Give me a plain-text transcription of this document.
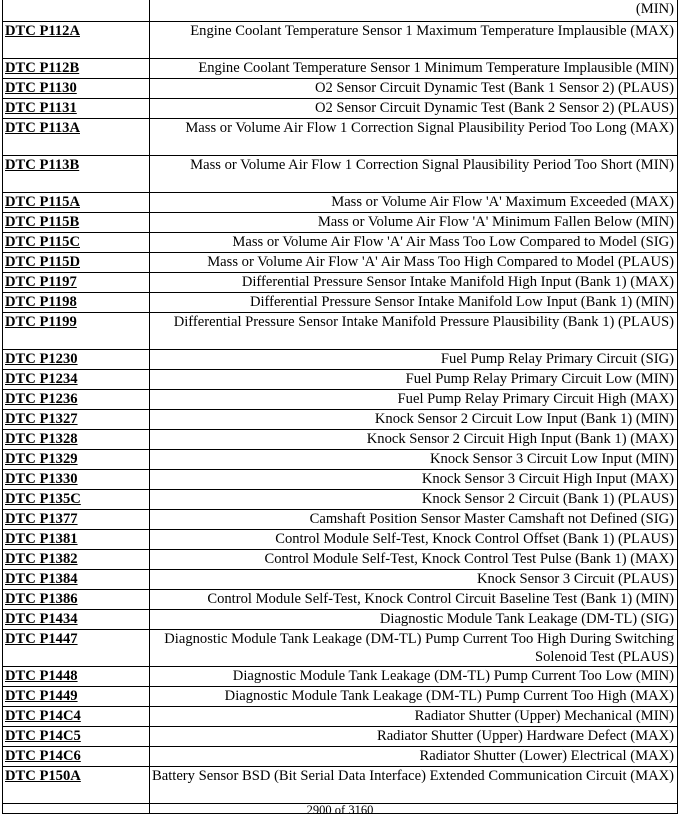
	(MIN)
DTC P112A	Engine Coolant Temperature Sensor 1 Maximum Temperature Implausible (MAX)
DTC P112B	Engine Coolant Temperature Sensor 1 Minimum Temperature Implausible (MIN)
DTC P1130	O2 Sensor Circuit Dynamic Test (Bank 1 Sensor 2) (PLAUS)
DTC P1131	O2 Sensor Circuit Dynamic Test (Bank 2 Sensor 2) (PLAUS)
DTC P113A	Mass or Volume Air Flow 1 Correction Signal Plausibility Period Too Long (MAX)
DTC P113B	Mass or Volume Air Flow 1 Correction Signal Plausibility Period Too Short (MIN)
DTC P115A	Mass or Volume Air Flow 'A' Maximum Exceeded (MAX)
DTC P115B	Mass or Volume Air Flow 'A' Minimum Fallen Below (MIN)
DTC P115C	Mass or Volume Air Flow 'A' Air Mass Too Low Compared to Model (SIG)
DTC P115D	Mass or Volume Air Flow 'A' Air Mass Too High Compared to Model (PLAUS)
DTC P1197	Differential Pressure Sensor Intake Manifold High Input (Bank 1) (MAX)
DTC P1198	Differential Pressure Sensor Intake Manifold Low Input (Bank 1) (MIN)
DTC P1199	Differential Pressure Sensor Intake Manifold Pressure Plausibility (Bank 1) (PLAUS)
DTC P1230	Fuel Pump Relay Primary Circuit (SIG)
DTC P1234	Fuel Pump Relay Primary Circuit Low (MIN)
DTC P1236	Fuel Pump Relay Primary Circuit High (MAX)
DTC P1327	Knock Sensor 2 Circuit Low Input (Bank 1) (MIN)
DTC P1328	Knock Sensor 2 Circuit High Input (Bank 1) (MAX)
DTC P1329	Knock Sensor 3 Circuit Low Input (MIN)
DTC P1330	Knock Sensor 3 Circuit High Input (MAX)
DTC P135C	Knock Sensor 2 Circuit (Bank 1) (PLAUS)
DTC P1377	Camshaft Position Sensor Master Camshaft not Defined (SIG)
DTC P1381	Control Module Self-Test, Knock Control Offset (Bank 1) (PLAUS)
DTC P1382	Control Module Self-Test, Knock Control Test Pulse (Bank 1) (MAX)
DTC P1384	Knock Sensor 3 Circuit (PLAUS)
DTC P1386	Control Module Self-Test, Knock Control Circuit Baseline Test (Bank 1) (MIN)
DTC P1434	Diagnostic Module Tank Leakage (DM-TL) (SIG)
DTC P1447	Diagnostic Module Tank Leakage (DM-TL) Pump Current Too High During Switching Solenoid Test (PLAUS)
DTC P1448	Diagnostic Module Tank Leakage (DM-TL) Pump Current Too Low (MIN)
DTC P1449	Diagnostic Module Tank Leakage (DM-TL) Pump Current Too High (MAX)
DTC P14C4	Radiator Shutter (Upper) Mechanical (MIN)
DTC P14C5	Radiator Shutter (Upper) Hardware Defect (MAX)
DTC P14C6	Radiator Shutter (Lower) Electrical (MAX)
DTC P150A	Battery Sensor BSD (Bit Serial Data Interface) Extended Communication Circuit (MAX)

2900 of 3160
